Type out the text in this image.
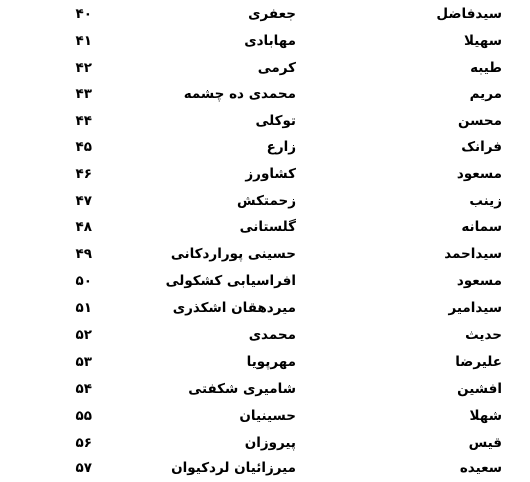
سیدفاضل
جعفری
۴۰
سهیلا
مهابادی
۴۱
طیبه
کرمی
۴۲
مریم
محمدی ده چشمه
۴۳
محسن
توکلی
۴۴
فرانک
زارع
۴۵
مسعود
کشاورز
۴۶
زینب
زحمتکش
۴۷
سمانه
گلستانی
۴۸
سیداحمد
حسینی پوراردکانی
۴۹
مسعود
افراسیابی کشکولی
۵۰
سیدامیر
میردهقان اشکذری
۵۱
حدیث
محمدی
۵۲
علیرضا
مهرپویا
۵۳
افشین
شامیری شکفتی
۵۴
شهلا
حسینیان
۵۵
قیس
پیروزان
۵۶
سعیده
میرزائیان لردکیوان
۵۷
